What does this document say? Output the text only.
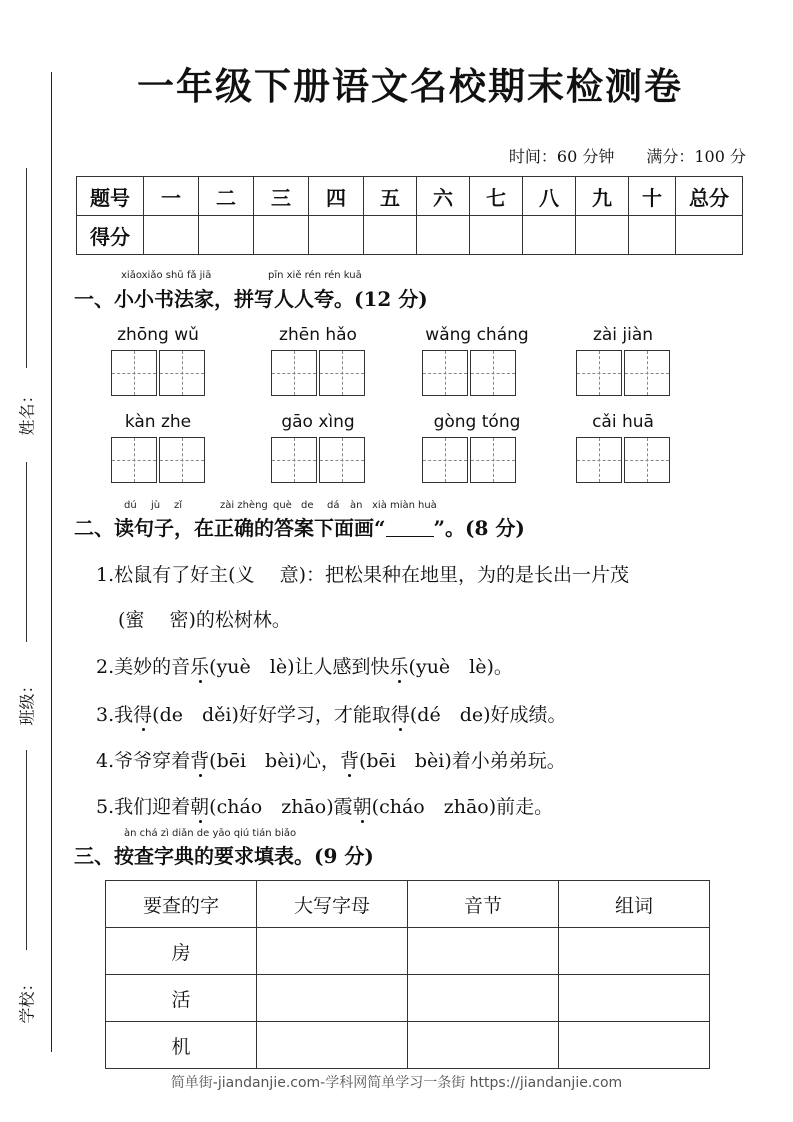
姓名：
班级：
学校：
一年级下册语文名校期末检测卷
时间：60 分钟 满分：100 分
题号	一	二	三	四	五	六	七	八	九	十	总分
得分											
xiǎoxiǎo shū fǎ jiā	pīn xiě rén rén kuā
一、小小书法家，拼写人人夸。(12 分)
zhōng wǔ	zhēn hǎo	wǎng cháng	zài jiàn
kàn zhe	gāo xìng	gòng tóng	cǎi huā
dú jù zǐ	zài zhèng què de dá àn xià miàn huà
二、读句子，在正确的答案下面画“ ”。(8 分)
1.松鼠有了好主(义　 意)：把松果种在地里，为的是长出一片茂
(蜜　 密)的松树林。
2.美妙的音乐(yuè　lè)让人感到快乐(yuè　lè)。
3.我得(de　děi)好好学习，才能取得(dé　de)好成绩。
4.爷爷穿着背(bēi　bèi)心，背(bēi　bèi)着小弟弟玩。
5.我们迎着朝(cháo　zhāo)霞朝(cháo　zhāo)前走。
àn chá zì diǎn de yāo qiú tián biǎo
三、按查字典的要求填表。(9 分)
要查的字	大写字母	音节	组词
房			
活			
机			
简单街-jiandanjie.com-学科网简单学习一条街 https://jiandanjie.com
